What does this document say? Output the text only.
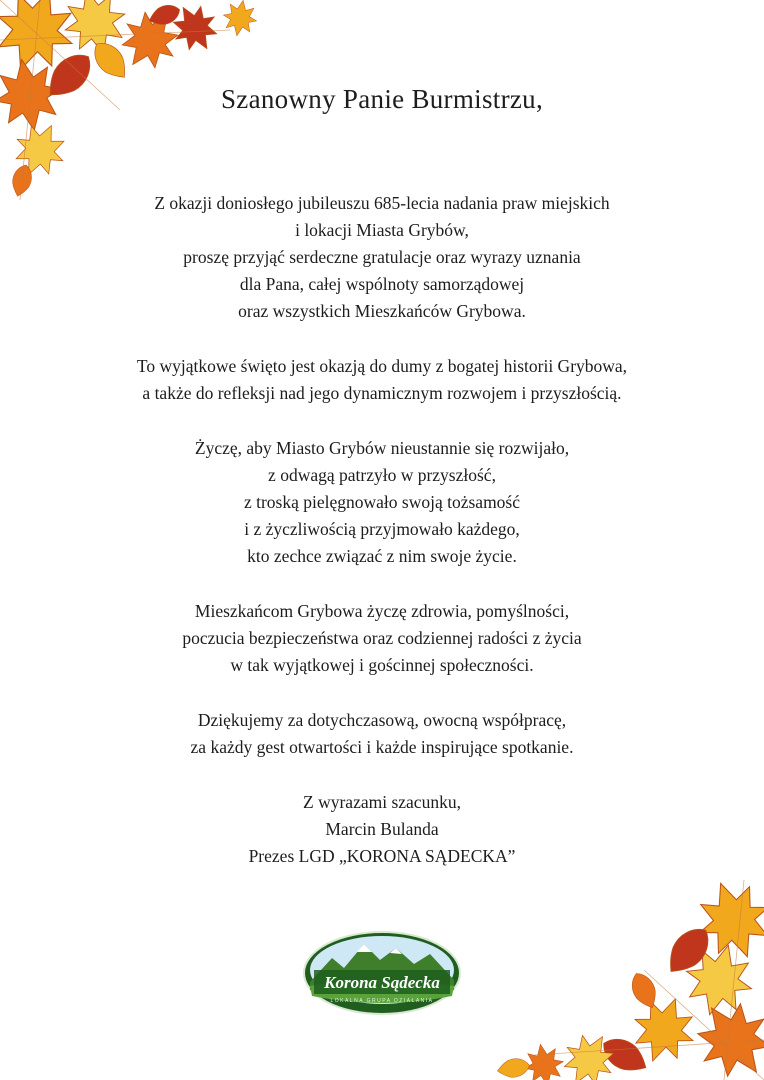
Szanowny Panie Burmistrzu,

Z okazji doniosłego jubileuszu 685-lecia nadania praw miejskich
i lokacji Miasta Grybów,
proszę przyjąć serdeczne gratulacje oraz wyrazy uznania
dla Pana, całej wspólnoty samorządowej
oraz wszystkich Mieszkańców Grybowa.

To wyjątkowe święto jest okazją do dumy z bogatej historii Grybowa,
a także do refleksji nad jego dynamicznym rozwojem i przyszłością.

Życzę, aby Miasto Grybów nieustannie się rozwijało,
z odwagą patrzyło w przyszłość,
z troską pielęgnowało swoją tożsamość
i z życzliwością przyjmowało każdego,
kto zechce związać z nim swoje życie.

Mieszkańcom Grybowa życzę zdrowia, pomyślności,
poczucia bezpieczeństwa oraz codziennej radości z życia
w tak wyjątkowej i gościnnej społeczności.

Dziękujemy za dotychczasową, owocną współpracę,
za każdy gest otwartości i każde inspirujące spotkanie.

Z wyrazami szacunku,
Marcin Bulanda
Prezes LGD „KORONA SĄDECKA”

Korona Sądecka
LOKALNA GRUPA DZIAŁANIA
